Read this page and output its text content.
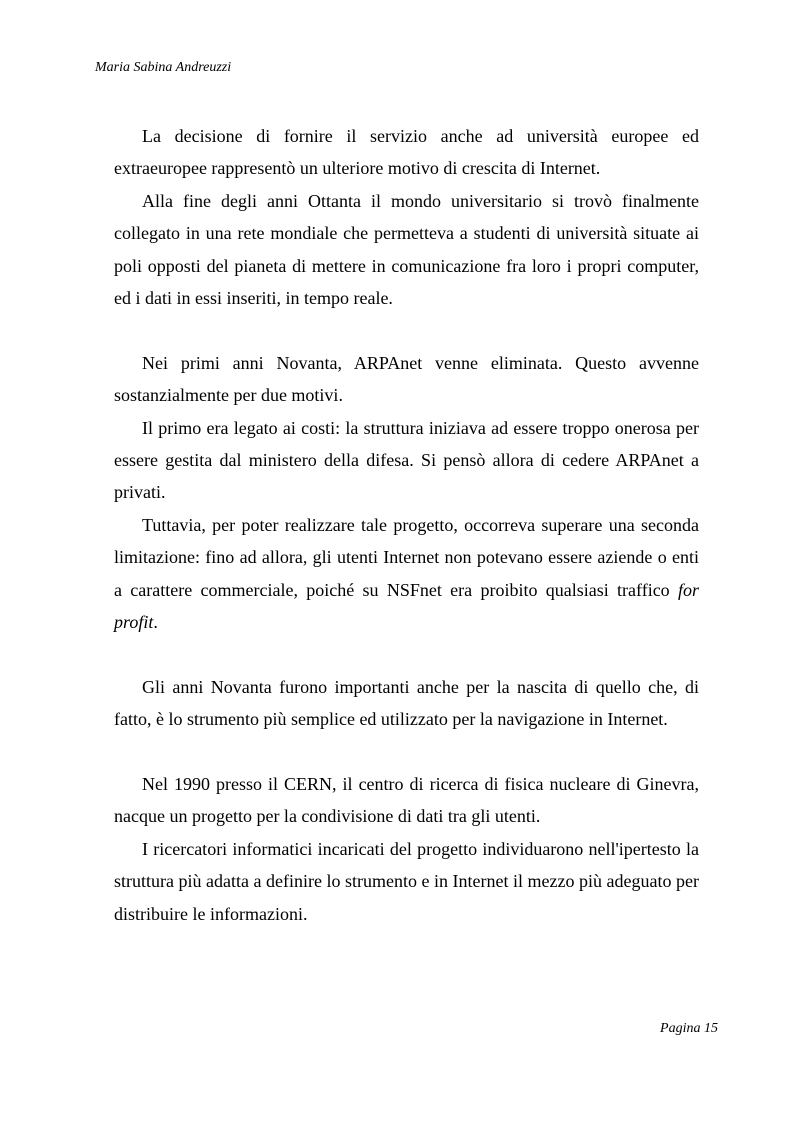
Maria Sabina Andreuzzi

La decisione di fornire il servizio anche ad università europee ed extraeuropee rappresentò un ulteriore motivo di crescita di Internet.

Alla fine degli anni Ottanta il mondo universitario si trovò finalmente collegato in una rete mondiale che permetteva a studenti di università situate ai poli opposti del pianeta di mettere in comunicazione fra loro i propri computer, ed i dati in essi inseriti, in tempo reale.

Nei primi anni Novanta, ARPAnet venne eliminata. Questo avvenne sostanzialmente per due motivi.

Il primo era legato ai costi: la struttura iniziava ad essere troppo onerosa per essere gestita dal ministero della difesa. Si pensò allora di cedere ARPAnet a privati.

Tuttavia, per poter realizzare tale progetto, occorreva superare una seconda limitazione: fino ad allora, gli utenti Internet non potevano essere aziende o enti a carattere commerciale, poiché su NSFnet era proibito qualsiasi traffico for profit.

Gli anni Novanta furono importanti anche per la nascita di quello che, di fatto, è lo strumento più semplice ed utilizzato per la navigazione in Internet.

Nel 1990 presso il CERN, il centro di ricerca di fisica nucleare di Ginevra, nacque un progetto per la condivisione di dati tra gli utenti.

I ricercatori informatici incaricati del progetto individuarono nell'ipertesto la struttura più adatta a definire lo strumento e in Internet il mezzo più adeguato per distribuire le informazioni.

Pagina 15
